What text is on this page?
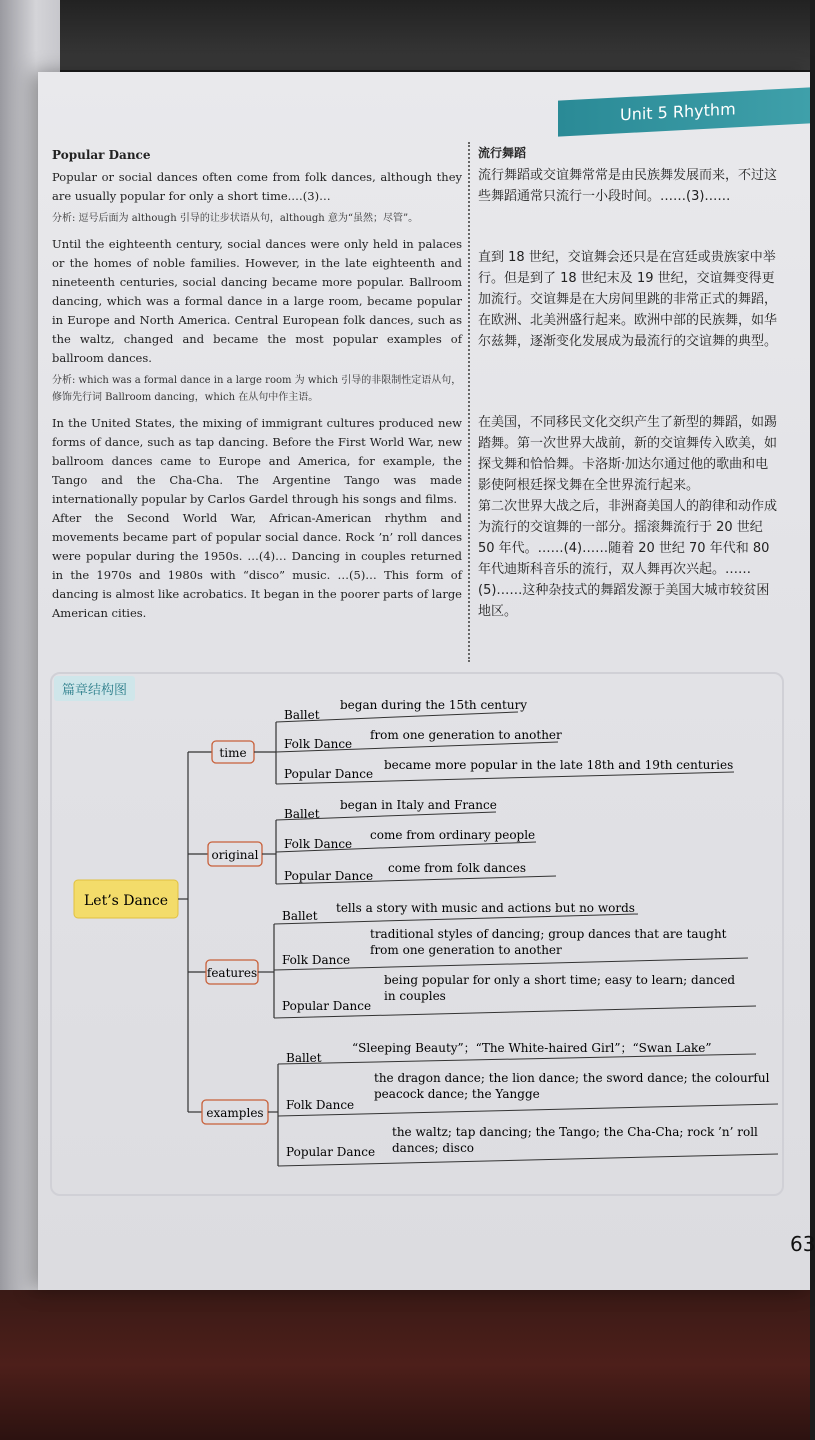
Unit 5 Rhythm

Popular Dance

Popular or social dances often come from folk dances, although they are usually popular for only a short time.…(3)…

分析: 逗号后面为 although 引导的让步状语从句，although 意为“虽然；尽管”。

Until the eighteenth century, social dances were only held in palaces or the homes of noble families. However, in the late eighteenth and nineteenth centuries, social dancing became more popular. Ballroom dancing, which was a formal dance in a large room, became popular in Europe and North America. Central European folk dances, such as the waltz, changed and became the most popular examples of ballroom dances.

分析: which was a formal dance in a large room 为 which 引导的非限制性定语从句，修饰先行词 Ballroom dancing，which 在从句中作主语。

In the United States, the mixing of immigrant cultures produced new forms of dance, such as tap dancing. Before the First World War, new ballroom dances came to Europe and America, for example, the Tango and the Cha-Cha. The Argentine Tango was made internationally popular by Carlos Gardel through his songs and films.

After the Second World War, African-American rhythm and movements became part of popular social dance. Rock ’n’ roll dances were popular during the 1950s. …(4)… Dancing in couples returned in the 1970s and 1980s with “disco” music. …(5)… This form of dancing is almost like acrobatics. It began in the poorer parts of large American cities.

流行舞蹈

流行舞蹈或交谊舞常常是由民族舞发展而来，不过这些舞蹈通常只流行一小段时间。……(3)……

直到 18 世纪，交谊舞会还只是在宫廷或贵族家中举行。但是到了 18 世纪末及 19 世纪，交谊舞变得更加流行。交谊舞是在大房间里跳的非常正式的舞蹈，在欧洲、北美洲盛行起来。欧洲中部的民族舞，如华尔兹舞，逐渐变化发展成为最流行的交谊舞的典型。

在美国，不同移民文化交织产生了新型的舞蹈，如踢踏舞。第一次世界大战前，新的交谊舞传入欧美，如探戈舞和恰恰舞。卡洛斯·加达尔通过他的歌曲和电影使阿根廷探戈舞在全世界流行起来。

第二次世界大战之后，非洲裔美国人的韵律和动作成为流行的交谊舞的一部分。摇滚舞流行于 20 世纪 50 年代。……(4)……随着 20 世纪 70 年代和 80 年代迪斯科音乐的流行，双人舞再次兴起。……(5)……这种杂技式的舞蹈发源于美国大城市较贫困地区。

篇章结构图
Let’s Dance
time
Ballet
began during the 15th century
Folk Dance
from one generation to another
Popular Dance
became more popular in the late 18th and 19th centuries
original
Ballet
began in Italy and France
Folk Dance
come from ordinary people
Popular Dance
come from folk dances
features
Ballet
tells a story with music and actions but no words
Folk Dance
traditional styles of dancing; group dances that are taught
from one generation to another
Popular Dance
being popular for only a short time; easy to learn; danced
in couples
examples
Ballet
“Sleeping Beauty”；“The White-haired Girl”；“Swan Lake”
Folk Dance
the dragon dance; the lion dance; the sword dance; the colourful
peacock dance; the Yangge
Popular Dance
the waltz; tap dancing; the Tango; the Cha-Cha; rock ’n’ roll
dances; disco
63
